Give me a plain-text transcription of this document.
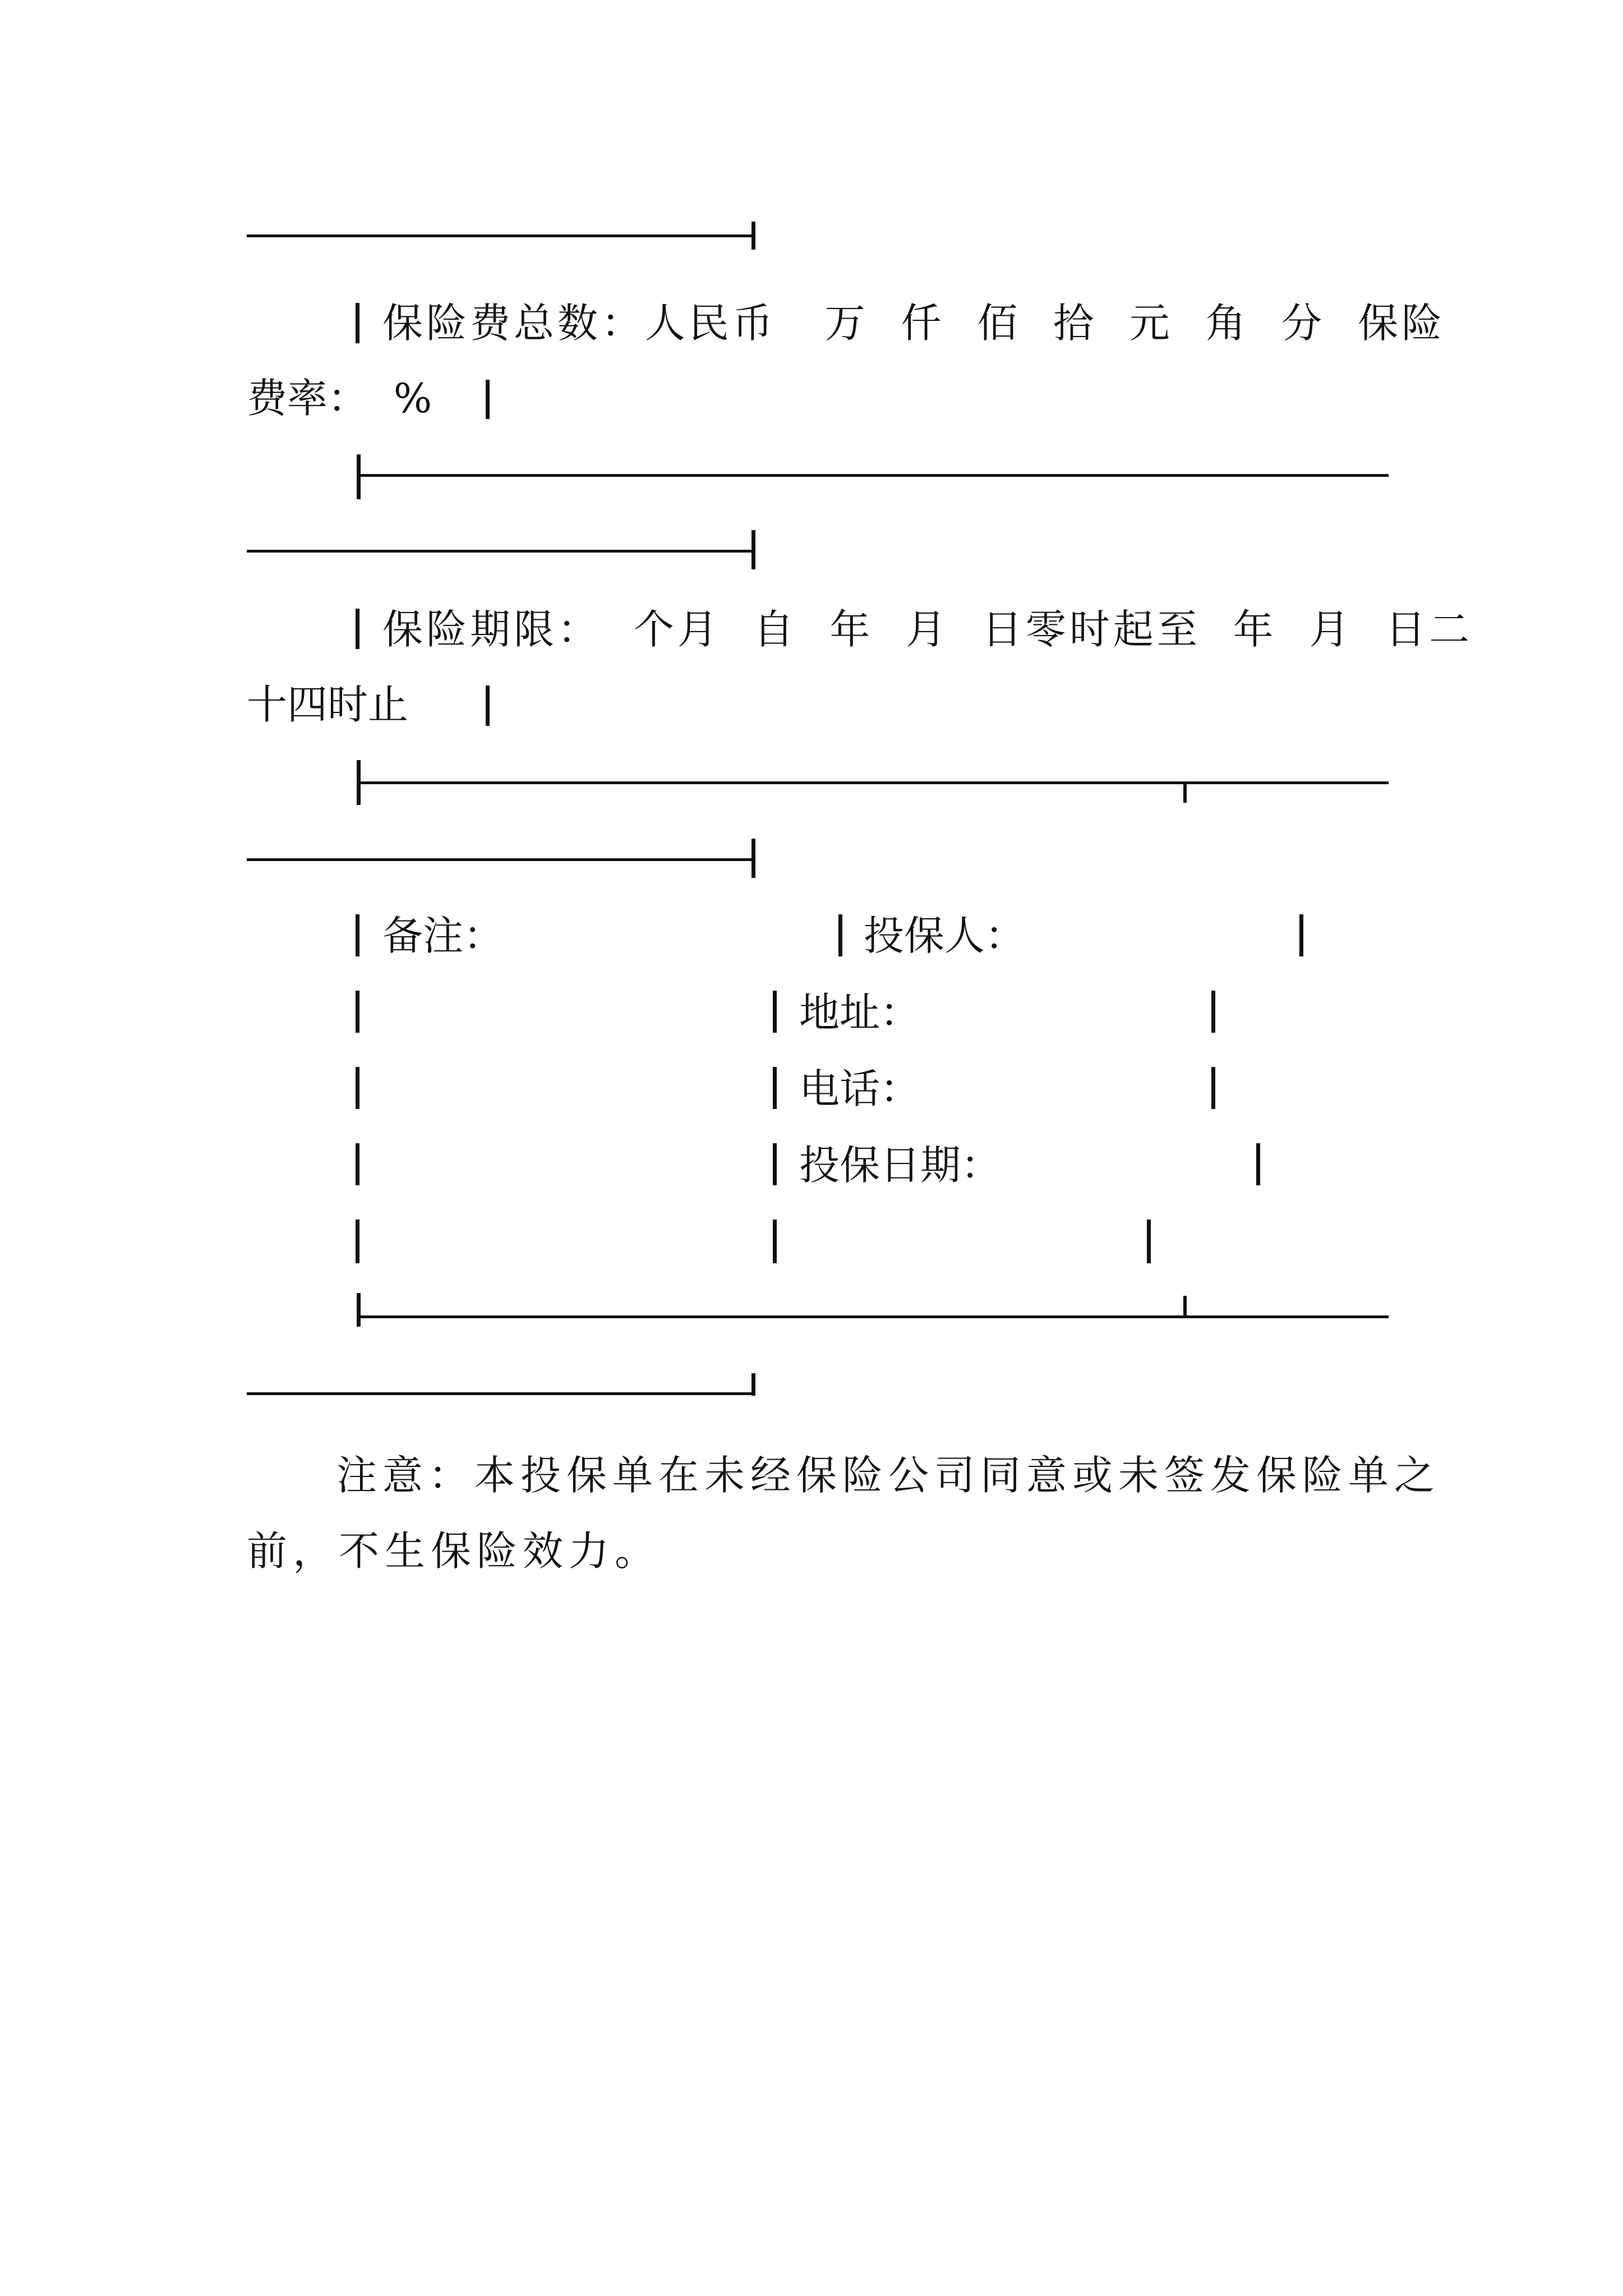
保险费总数：人民币   万  仟  佰  拾  元  角  分  保险
费率：  %
保险期限：  个月  自  年  月  日零时起至  年  月  日二
十四时止
备注：	投保人：
地址：
电话：
投保日期：
注意：本投保单在未经保险公司同意或未签发保险单之
前，不生保险效力。
